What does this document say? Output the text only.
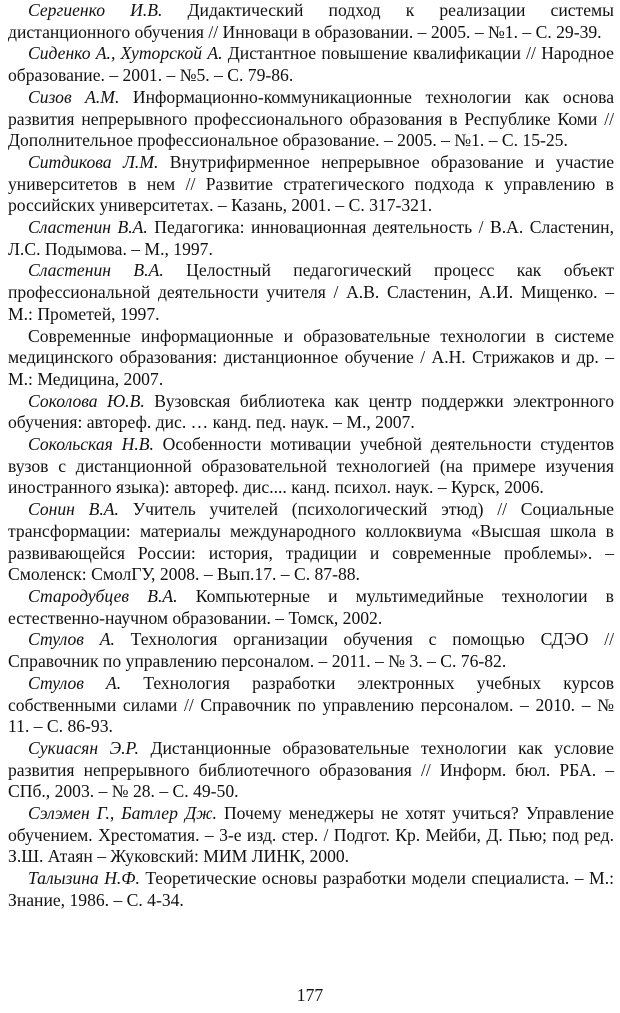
Сергиенко И.В. Дидактический подход к реализации системы дистанционного обучения // Инноваци в образовании. – 2005. – №1. – С. 29-39.

Сиденко А., Хуторской А. Дистантное повышение квалификации // Народное образование. – 2001. – №5. – С. 79-86.

Сизов А.М. Информационно-коммуникационные технологии как основа развития непрерывного профессионального образования в Республике Коми // Дополнительное профессиональное образование. – 2005. – №1. – С. 15-25.

Ситдикова Л.М. Внутрифирменное непрерывное образование и участие университетов в нем // Развитие стратегического подхода к управлению в российских университетах. – Казань, 2001. – С. 317-321.

Сластенин В.А. Педагогика: инновационная деятельность / В.А. Сластенин, Л.С. Подымова. – М., 1997.

Сластенин В.А. Целостный педагогический процесс как объект профессиональной деятельности учителя / А.В. Сластенин, А.И. Мищенко. – М.: Прометей, 1997.

Современные информационные и образовательные технологии в системе медицинского образования: дистанционное обучение / А.Н. Стрижаков и др. – М.: Медицина, 2007.

Соколова Ю.В. Вузовская библиотека как центр поддержки электронного обучения: автореф. дис. … канд. пед. наук. – М., 2007.

Сокольская Н.В. Особенности мотивации учебной деятельности студентов вузов с дистанционной образовательной технологией (на примере изучения иностранного языка): автореф. дис.... канд. психол. наук. – Курск, 2006.

Сонин В.А. Учитель учителей (психологический этюд) // Социальные трансформации: материалы международного коллоквиума «Высшая школа в развивающейся России: история, традиции и современные проблемы». – Смоленск: СмолГУ, 2008. – Вып.17. – С. 87-88.

Стародубцев В.А. Компьютерные и мультимедийные технологии в естественно-научном образовании. – Томск, 2002.

Стулов А. Технология организации обучения с помощью СДЭО // Справочник по управлению персоналом. – 2011. – № 3. – С. 76-82.

Стулов А. Технология разработки электронных учебных курсов собственными силами // Справочник по управлению персоналом. – 2010. – № 11. – С. 86-93.

Сукиасян Э.Р. Дистанционные образовательные технологии как условие развития непрерывного библиотечного образования // Информ. бюл. РБА. – СПб., 2003. – № 28. – С. 49-50.

Сэлэмен Г., Батлер Дж. Почему менеджеры не хотят учиться? Управление обучением. Хрестоматия. – 3-е изд. стер. / Подгот. Кр. Мейби, Д. Пью; под ред. З.Ш. Атаян – Жуковский: МИМ ЛИНК, 2000.

Талызина Н.Ф. Теоретические основы разработки модели специалиста. – М.: Знание, 1986. – С. 4-34.

177
